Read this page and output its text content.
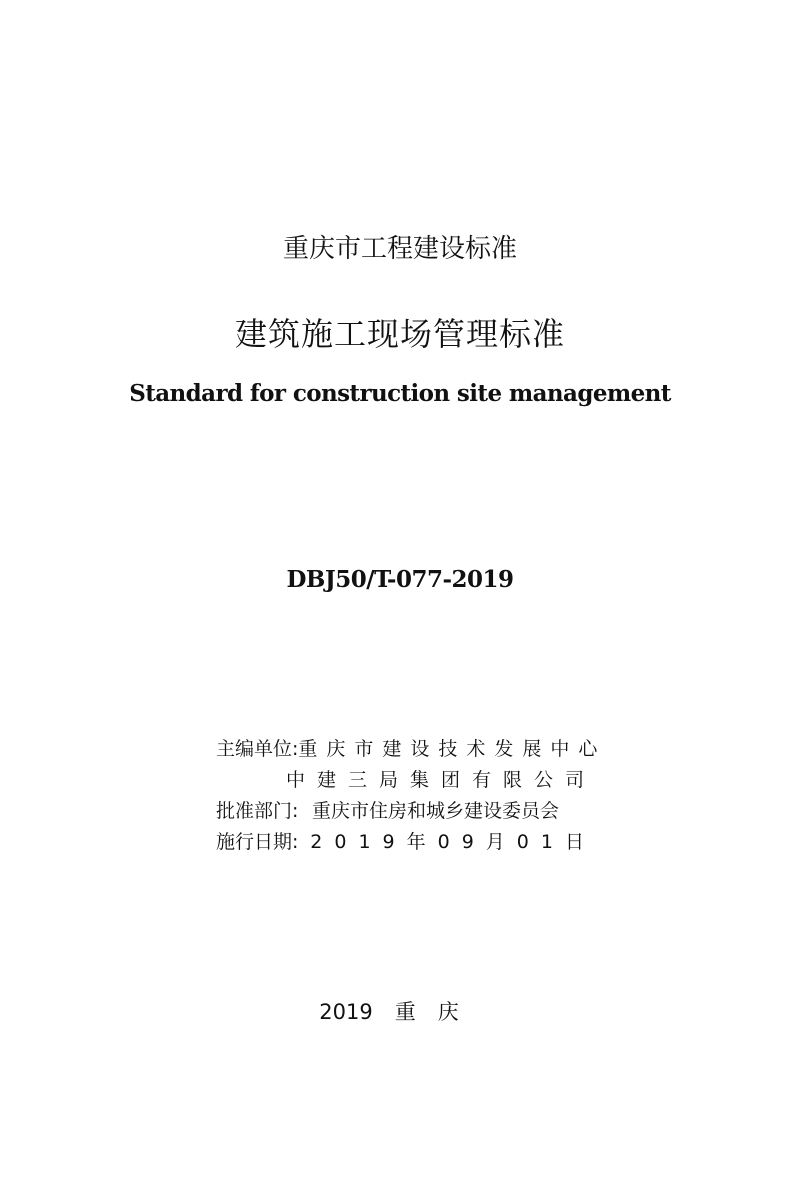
重庆市工程建设标准
建筑施工现场管理标准
Standard for construction site management
DBJ50/T-077-2019
主编单位: 重庆市建设技术发展中心
中建三局集团有限公司
批准部门: 重庆市住房和城乡建设委员会
施行日期: 2019年09月01日
2019 重庆
